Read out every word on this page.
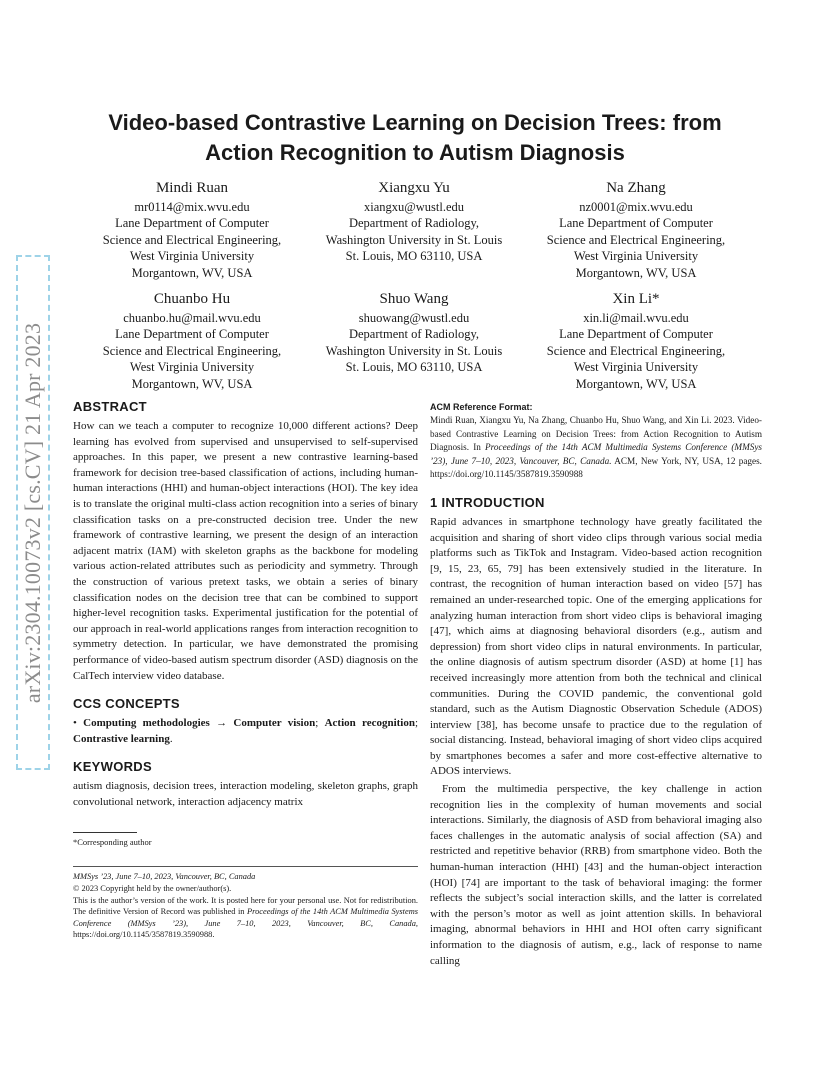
arXiv:2304.10073v2 [cs.CV] 21 Apr 2023
Video-based Contrastive Learning on Decision Trees: from
Action Recognition to Autism Diagnosis
Mindi Ruan
mr0114@mix.wvu.edu
Lane Department of Computer
Science and Electrical Engineering,
West Virginia University
Morgantown, WV, USA
Xiangxu Yu
xiangxu@wustl.edu
Department of Radiology,
Washington University in St. Louis
St. Louis, MO 63110, USA
Na Zhang
nz0001@mix.wvu.edu
Lane Department of Computer
Science and Electrical Engineering,
West Virginia University
Morgantown, WV, USA
Chuanbo Hu
chuanbo.hu@mail.wvu.edu
Lane Department of Computer
Science and Electrical Engineering,
West Virginia University
Morgantown, WV, USA
Shuo Wang
shuowang@wustl.edu
Department of Radiology,
Washington University in St. Louis
St. Louis, MO 63110, USA
Xin Li*
xin.li@mail.wvu.edu
Lane Department of Computer
Science and Electrical Engineering,
West Virginia University
Morgantown, WV, USA
ABSTRACT

How can we teach a computer to recognize 10,000 different actions? Deep learning has evolved from supervised and unsupervised to self-supervised approaches. In this paper, we present a new contrastive learning-based framework for decision tree-based classification of actions, including human-human interactions (HHI) and human-object interactions (HOI). The key idea is to translate the original multi-class action recognition into a series of binary classification tasks on a pre-constructed decision tree. Under the new framework of contrastive learning, we present the design of an interaction adjacent matrix (IAM) with skeleton graphs as the backbone for modeling various action-related attributes such as periodicity and symmetry. Through the construction of various pretext tasks, we obtain a series of binary classification nodes on the decision tree that can be combined to support higher-level recognition tasks. Experimental justification for the potential of our approach in real-world applications ranges from interaction recognition to symmetry detection. In particular, we have demonstrated the promising performance of video-based autism spectrum disorder (ASD) diagnosis on the CalTech interview video database.

CCS CONCEPTS

• Computing methodologies → Computer vision; Action recognition; Contrastive learning.

KEYWORDS

autism diagnosis, decision trees, interaction modeling, skeleton graphs, graph convolutional network, interaction adjacency matrix

*Corresponding author
MMSys ’23, June 7–10, 2023, Vancouver, BC, Canada
© 2023 Copyright held by the owner/author(s).
This is the author’s version of the work. It is posted here for your personal use. Not for redistribution. The definitive Version of Record was published in Proceedings of the 14th ACM Multimedia Systems Conference (MMSys ’23), June 7–10, 2023, Vancouver, BC, Canada, https://doi.org/10.1145/3587819.3590988.

ACM Reference Format:

Mindi Ruan, Xiangxu Yu, Na Zhang, Chuanbo Hu, Shuo Wang, and Xin Li. 2023. Video-based Contrastive Learning on Decision Trees: from Action Recognition to Autism Diagnosis. In Proceedings of the 14th ACM Multimedia Systems Conference (MMSys ’23), June 7–10, 2023, Vancouver, BC, Canada. ACM, New York, NY, USA, 12 pages. https://doi.org/10.1145/3587819.3590988

1 INTRODUCTION

Rapid advances in smartphone technology have greatly facilitated the acquisition and sharing of short video clips through various social media platforms such as TikTok and Instagram. Video-based action recognition [9, 15, 23, 65, 79] has been extensively studied in the literature. In contrast, the recognition of human interaction based on video [57] has remained an under-researched topic. One of the emerging applications for analyzing human interaction from short video clips is behavioral imaging [47], which aims at diagnosing behavioral disorders (e.g., autism and depression) from short video clips in natural environments. In particular, the online diagnosis of autism spectrum disorder (ASD) at home [1] has received increasingly more attention from both the technical and clinical communities. During the COVID pandemic, the conventional gold standard, such as the Autism Diagnostic Observation Schedule (ADOS) interview [38], has become unsafe to practice due to the regulation of social distancing. Instead, behavioral imaging of short video clips acquired by smartphones becomes a safer and more cost-effective alternative to ADOS interviews.

From the multimedia perspective, the key challenge in action recognition lies in the complexity of human movements and social interactions. Similarly, the diagnosis of ASD from behavioral imaging also faces challenges in the automatic analysis of social affection (SA) and restricted and repetitive behavior (RRB) from smartphone video. Both the human-human interaction (HHI) [43] and the human-object interaction (HOI) [74] are important to the task of behavioral imaging: the former reflects the subject’s social interaction skills, and the latter is correlated with the person’s motor as well as joint attention skills. In behavioral imaging, abnormal behaviors in HHI and HOI often carry significant information to the diagnosis of autism, e.g., lack of response to name calling
